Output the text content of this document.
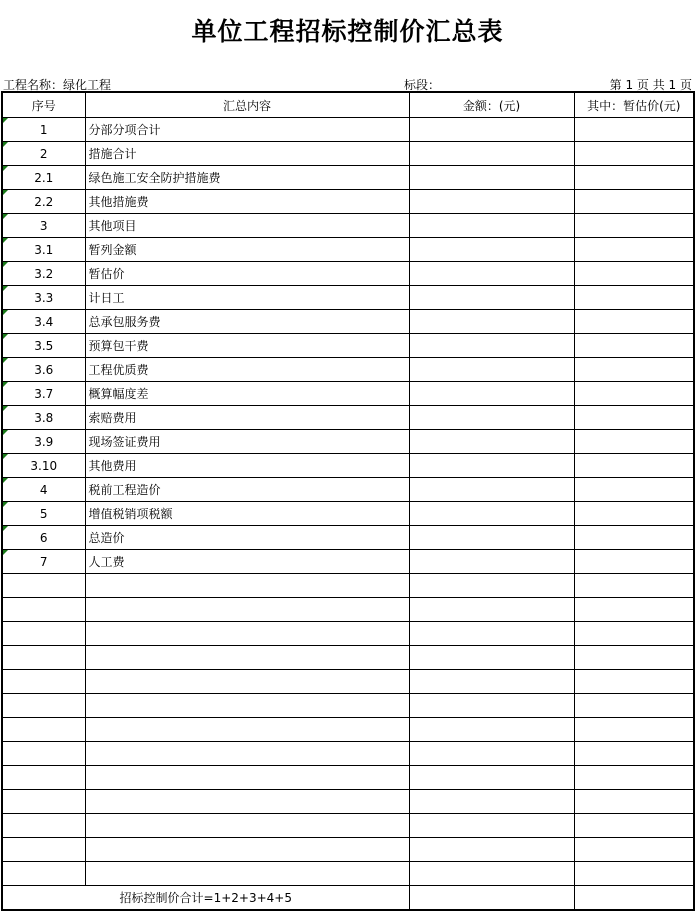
单位工程招标控制价汇总表
工程名称：绿化工程	标段：	第 1 页 共 1 页
序号	汇总内容	金额：(元)	其中：暂估价(元)

1	分部分项合计		

2	措施合计		

2.1	绿色施工安全防护措施费		

2.2	其他措施费		

3	其他项目		

3.1	暂列金额		

3.2	暂估价		

3.3	计日工		

3.4	总承包服务费		

3.5	预算包干费		

3.6	工程优质费		

3.7	概算幅度差		

3.8	索赔费用		

3.9	现场签证费用		

3.10	其他费用		

4	税前工程造价		

5	增值税销项税额		

6	总造价		

7	人工费		

招标控制价合计=1+2+3+4+5			
